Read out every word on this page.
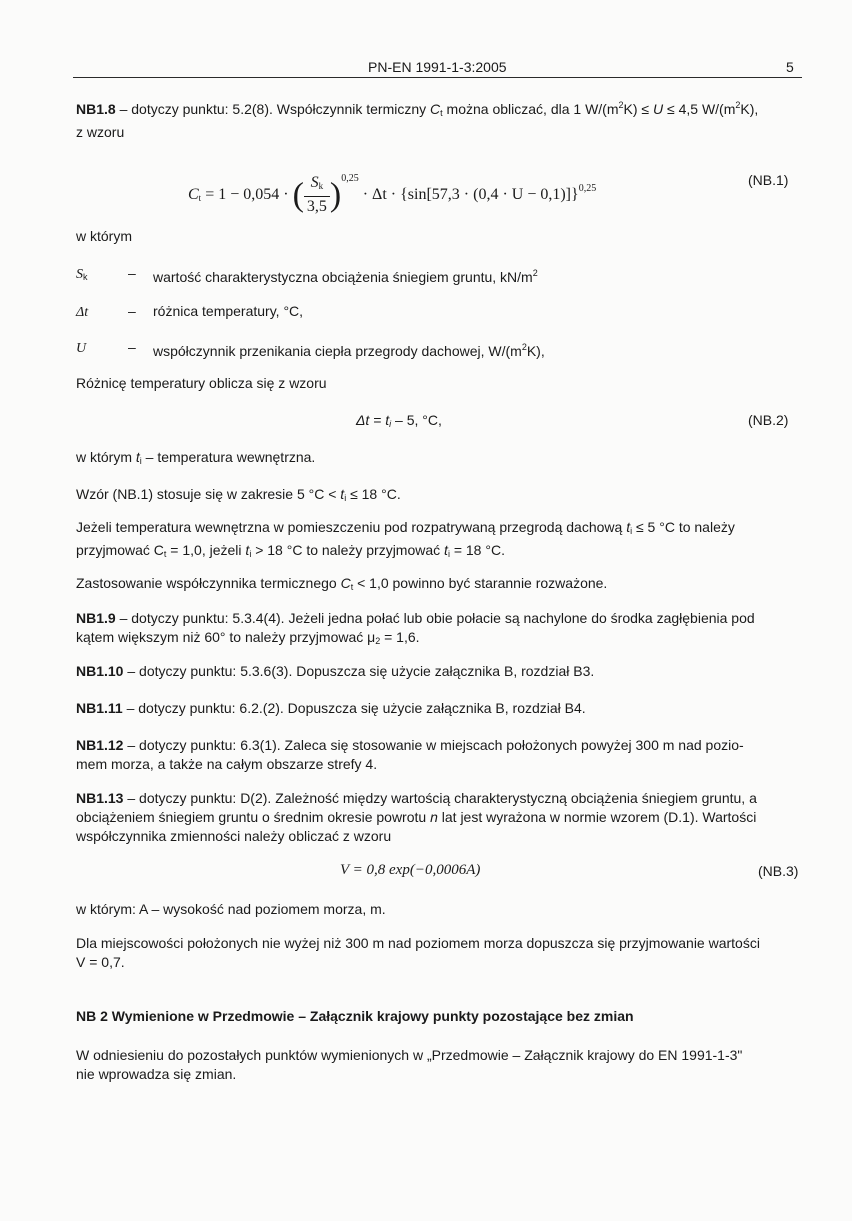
PN-EN 1991-1-3:2005	5
NB1.8 – dotyczy punktu: 5.2(8). Współczynnik termiczny $C_t$ można obliczać, dla 1 $W/(m^2K) \le U \le 4,5$ $W/(m^2K)$,
z wzoru
$C_t = 1 - 0,054$ · ( $\frac{S_k}{3,5} )^{0,25} \cdot \Delta t \cdot \{\sin[57,3 \cdot (0,4 \cdot U - 0,1)]\}^{0,25}$
(NB.1)
w którym
$S_k$	– wartość charakterystyczna obciążenia śniegiem gruntu, $kN/m^2$
Δt	– różnica temperatury, °C,
U	– współczynnik przenikania ciepła przegrody dachowej, $W/(m^2K)$,
Różnicę temperatury oblicza się z wzoru
$\Delta t = t_i - 5$, °C,	(NB.2)
w którym $t_i$ – temperatura wewnętrzna.
Wzór (NB.1) stosuje się w zakresie 5 $^\circ C < t_i \le 18$ °C.
Jeżeli temperatura wewnętrzna w pomieszczeniu pod rozpatrywaną przegrodą dachową $t_i \le 5$ °C to należy
przyjmować $C_t = 1,0$, jeżeli $t_i > 18$ °C to należy przyjmować $t_i = 18$ °C.
Zastosowanie współczynnika termicznego $C_t < 1,0$ powinno być starannie rozważone.
NB1.9 – dotyczy punktu: 5.3.4(4). Jeżeli jedna połać lub obie połacie są nachylone do środka zagłębienia pod
kątem większym niż 60° to należy przyjmować $\mu_2 = 1,6$.
NB1.10 – dotyczy punktu: 5.3.6(3). Dopuszcza się użycie załącznika B, rozdział B3.
NB1.11 – dotyczy punktu: 6.2.(2). Dopuszcza się użycie załącznika B, rozdział B4.
NB1.12 – dotyczy punktu: 6.3(1). Zaleca się stosowanie w miejscach położonych powyżej 300 m nad pozio-
mem morza, a także na całym obszarze strefy 4.
NB1.13 – dotyczy punktu: D(2). Zależność między wartością charakterystyczną obciążenia śniegiem gruntu, a
obciążeniem śniegiem gruntu o średnim okresie powrotu n lat jest wyrażona w normie wzorem (D.1). Wartości
współczynnika zmienności należy obliczać z wzoru
V = 0,8 exp(−0,0006A)	(NB.3)
w którym: A – wysokość nad poziomem morza, m.
Dla miejscowości położonych nie wyżej niż 300 m nad poziomem morza dopuszcza się przyjmowanie wartości
V = 0,7.
NB 2 Wymienione w Przedmowie – Załącznik krajowy punkty pozostające bez zmian
W odniesieniu do pozostałych punktów wymienionych w „Przedmowie – Załącznik krajowy do EN 1991-1-3"
nie wprowadza się zmian.
